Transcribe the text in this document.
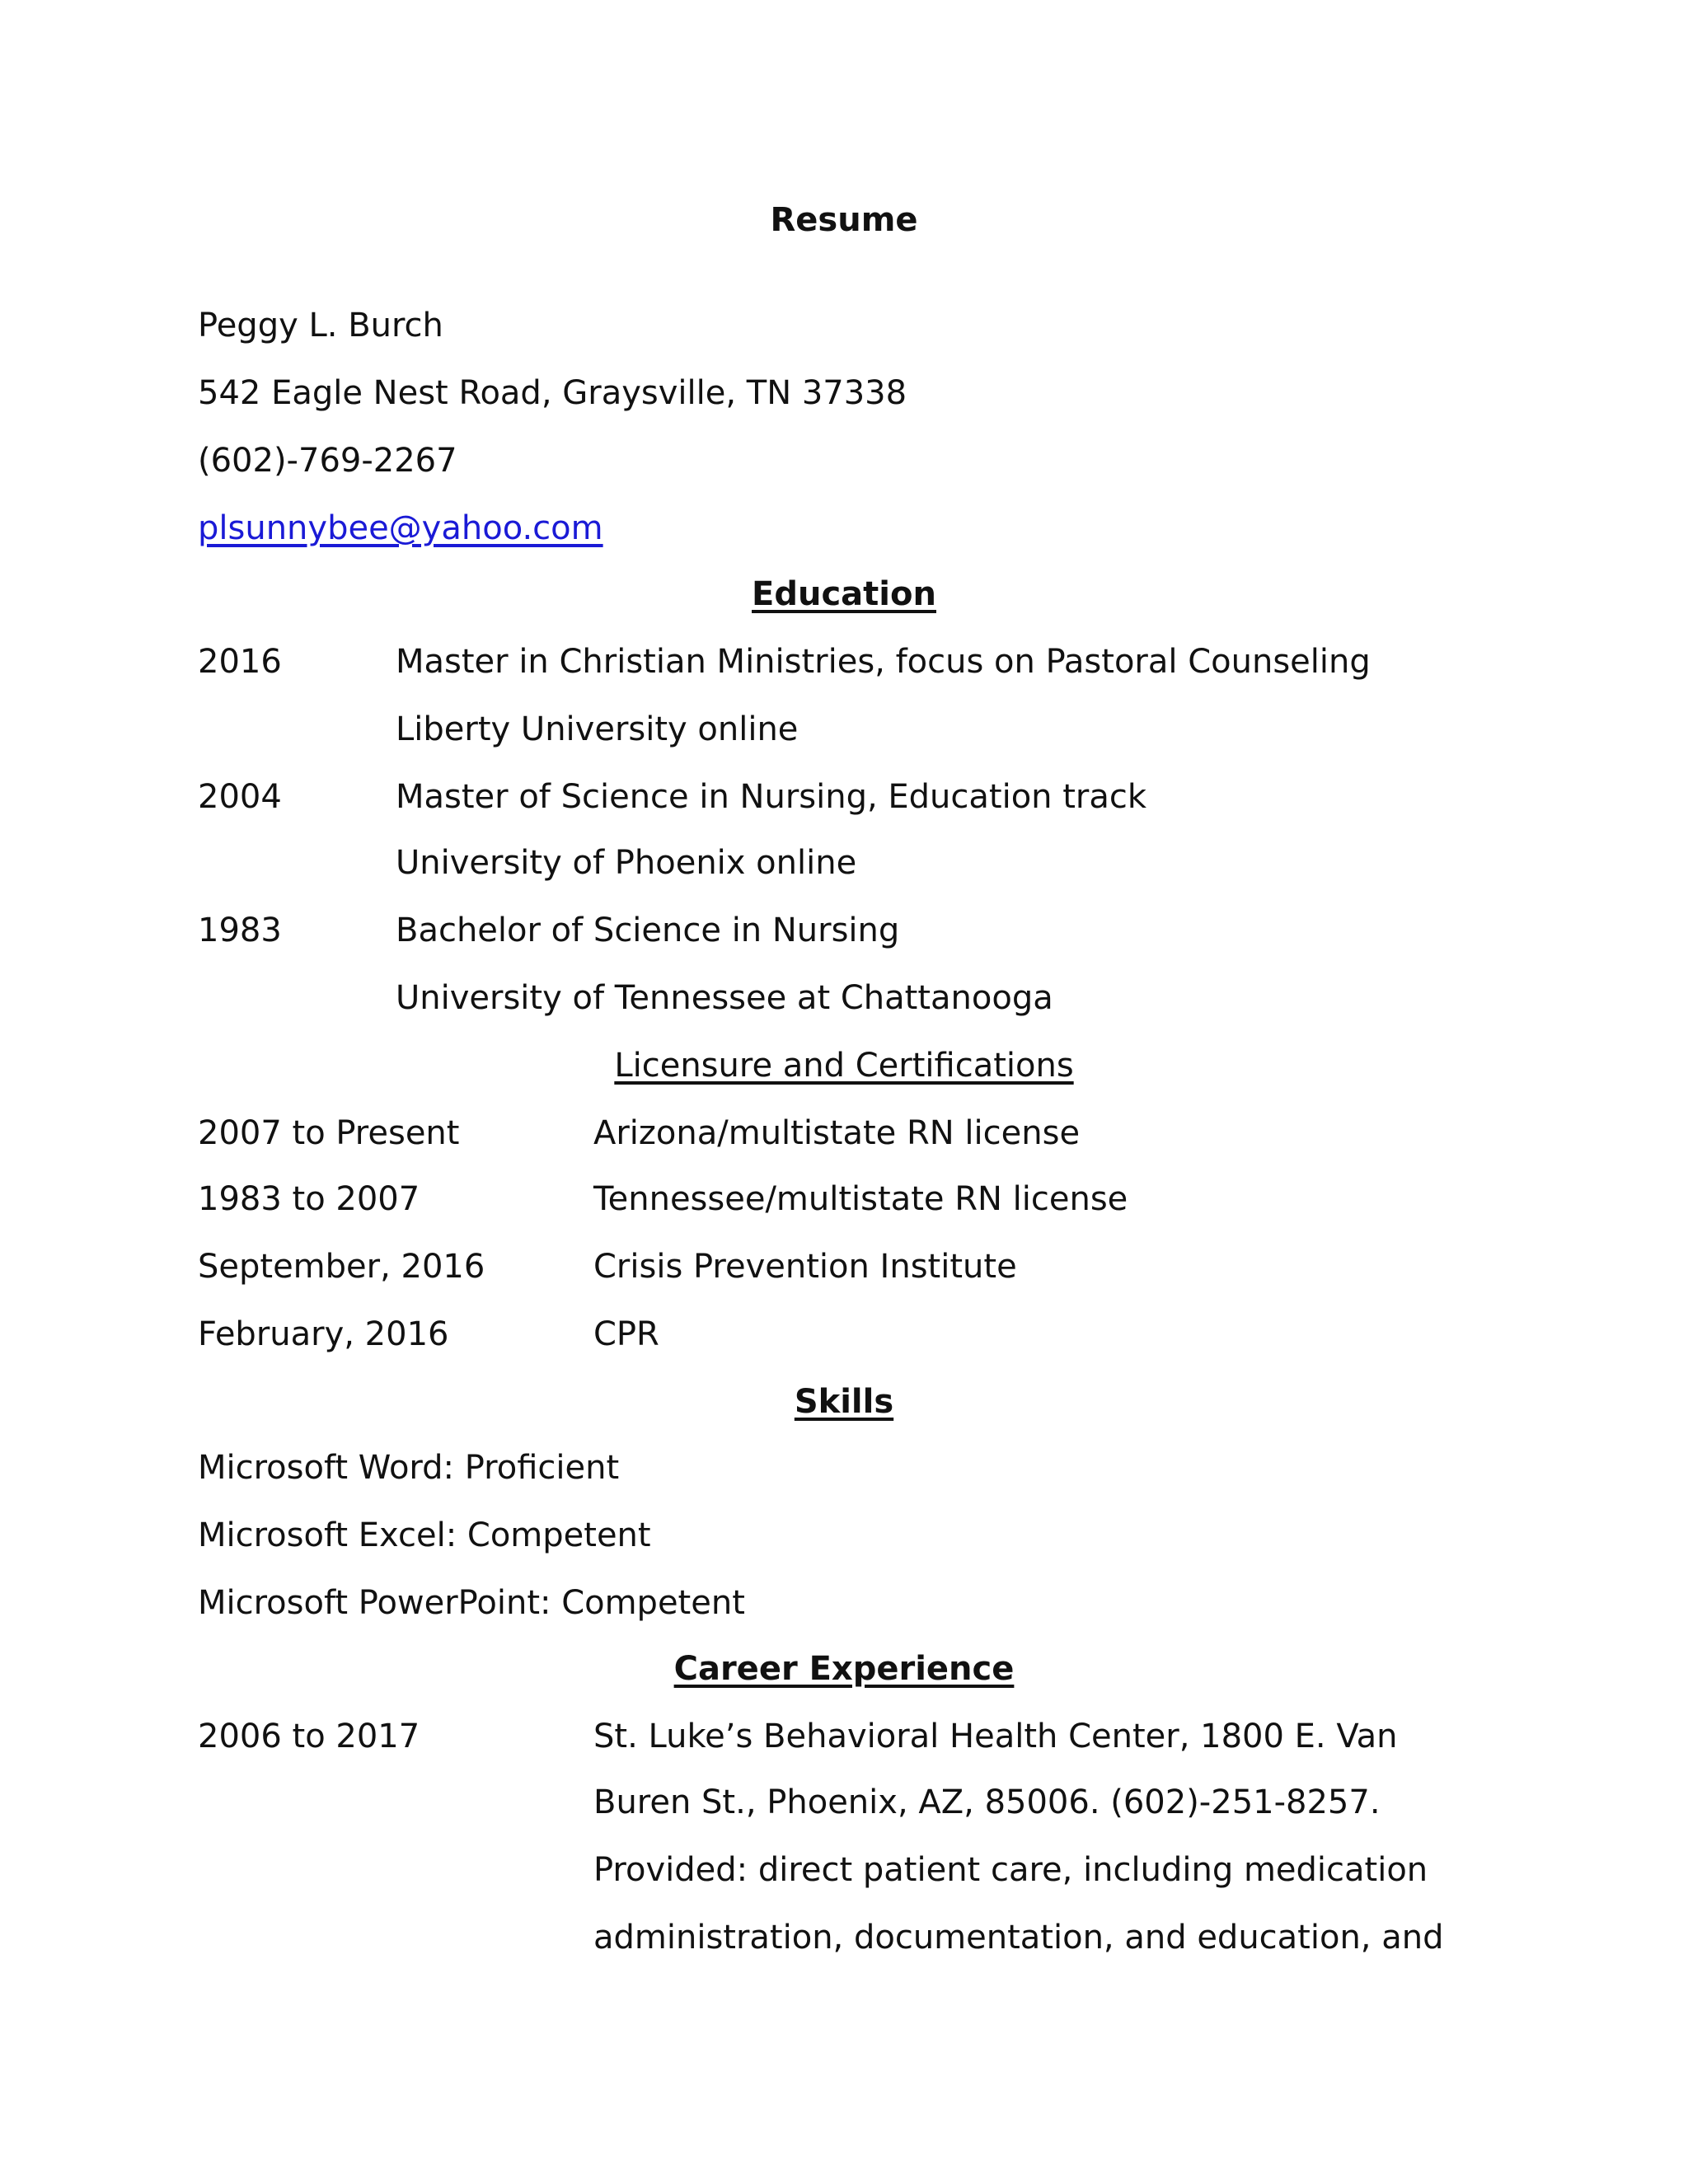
Resume
Peggy L. Burch
542 Eagle Nest Road, Graysville, TN 37338
(602)-769-2267
plsunnybee@yahoo.com
Education
2016	Master in Christian Ministries, focus on Pastoral Counseling
Liberty University online
2004	Master of Science in Nursing, Education track
University of Phoenix online
1983	Bachelor of Science in Nursing
University of Tennessee at Chattanooga
Licensure and Certifications
2007 to Present	Arizona/multistate RN license
1983 to 2007	Tennessee/multistate RN license
September, 2016	Crisis Prevention Institute
February, 2016	CPR
Skills
Microsoft Word: Proficient
Microsoft Excel: Competent
Microsoft PowerPoint: Competent
Career Experience
2006 to 2017	St. Luke’s Behavioral Health Center, 1800 E. Van
Buren St., Phoenix, AZ, 85006. (602)-251-8257.
Provided: direct patient care, including medication
administration, documentation, and education, and
